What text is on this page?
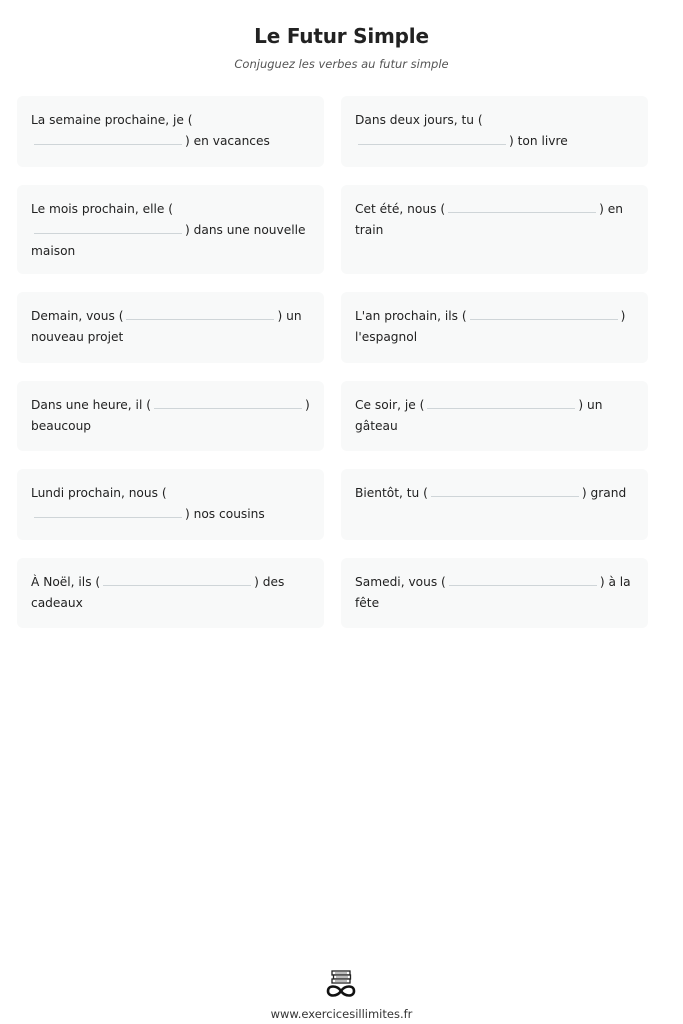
Le Futur Simple
Conjuguez les verbes au futur simple
La semaine prochaine, je () en vacances
Dans deux jours, tu () ton livre
Le mois prochain, elle () dans une nouvelle maison
Cet été, nous (	) en train
Demain, vous (	) un nouveau projet
L'an prochain, ils (	) l'espagnol
Dans une heure, il (	) beaucoup
Ce soir, je (	) un gâteau
Lundi prochain, nous () nos cousins
Bientôt, tu (	) grand
À Noël, ils (	) des cadeaux
Samedi, vous (	) à la fête
www.exercicesillimites.fr
